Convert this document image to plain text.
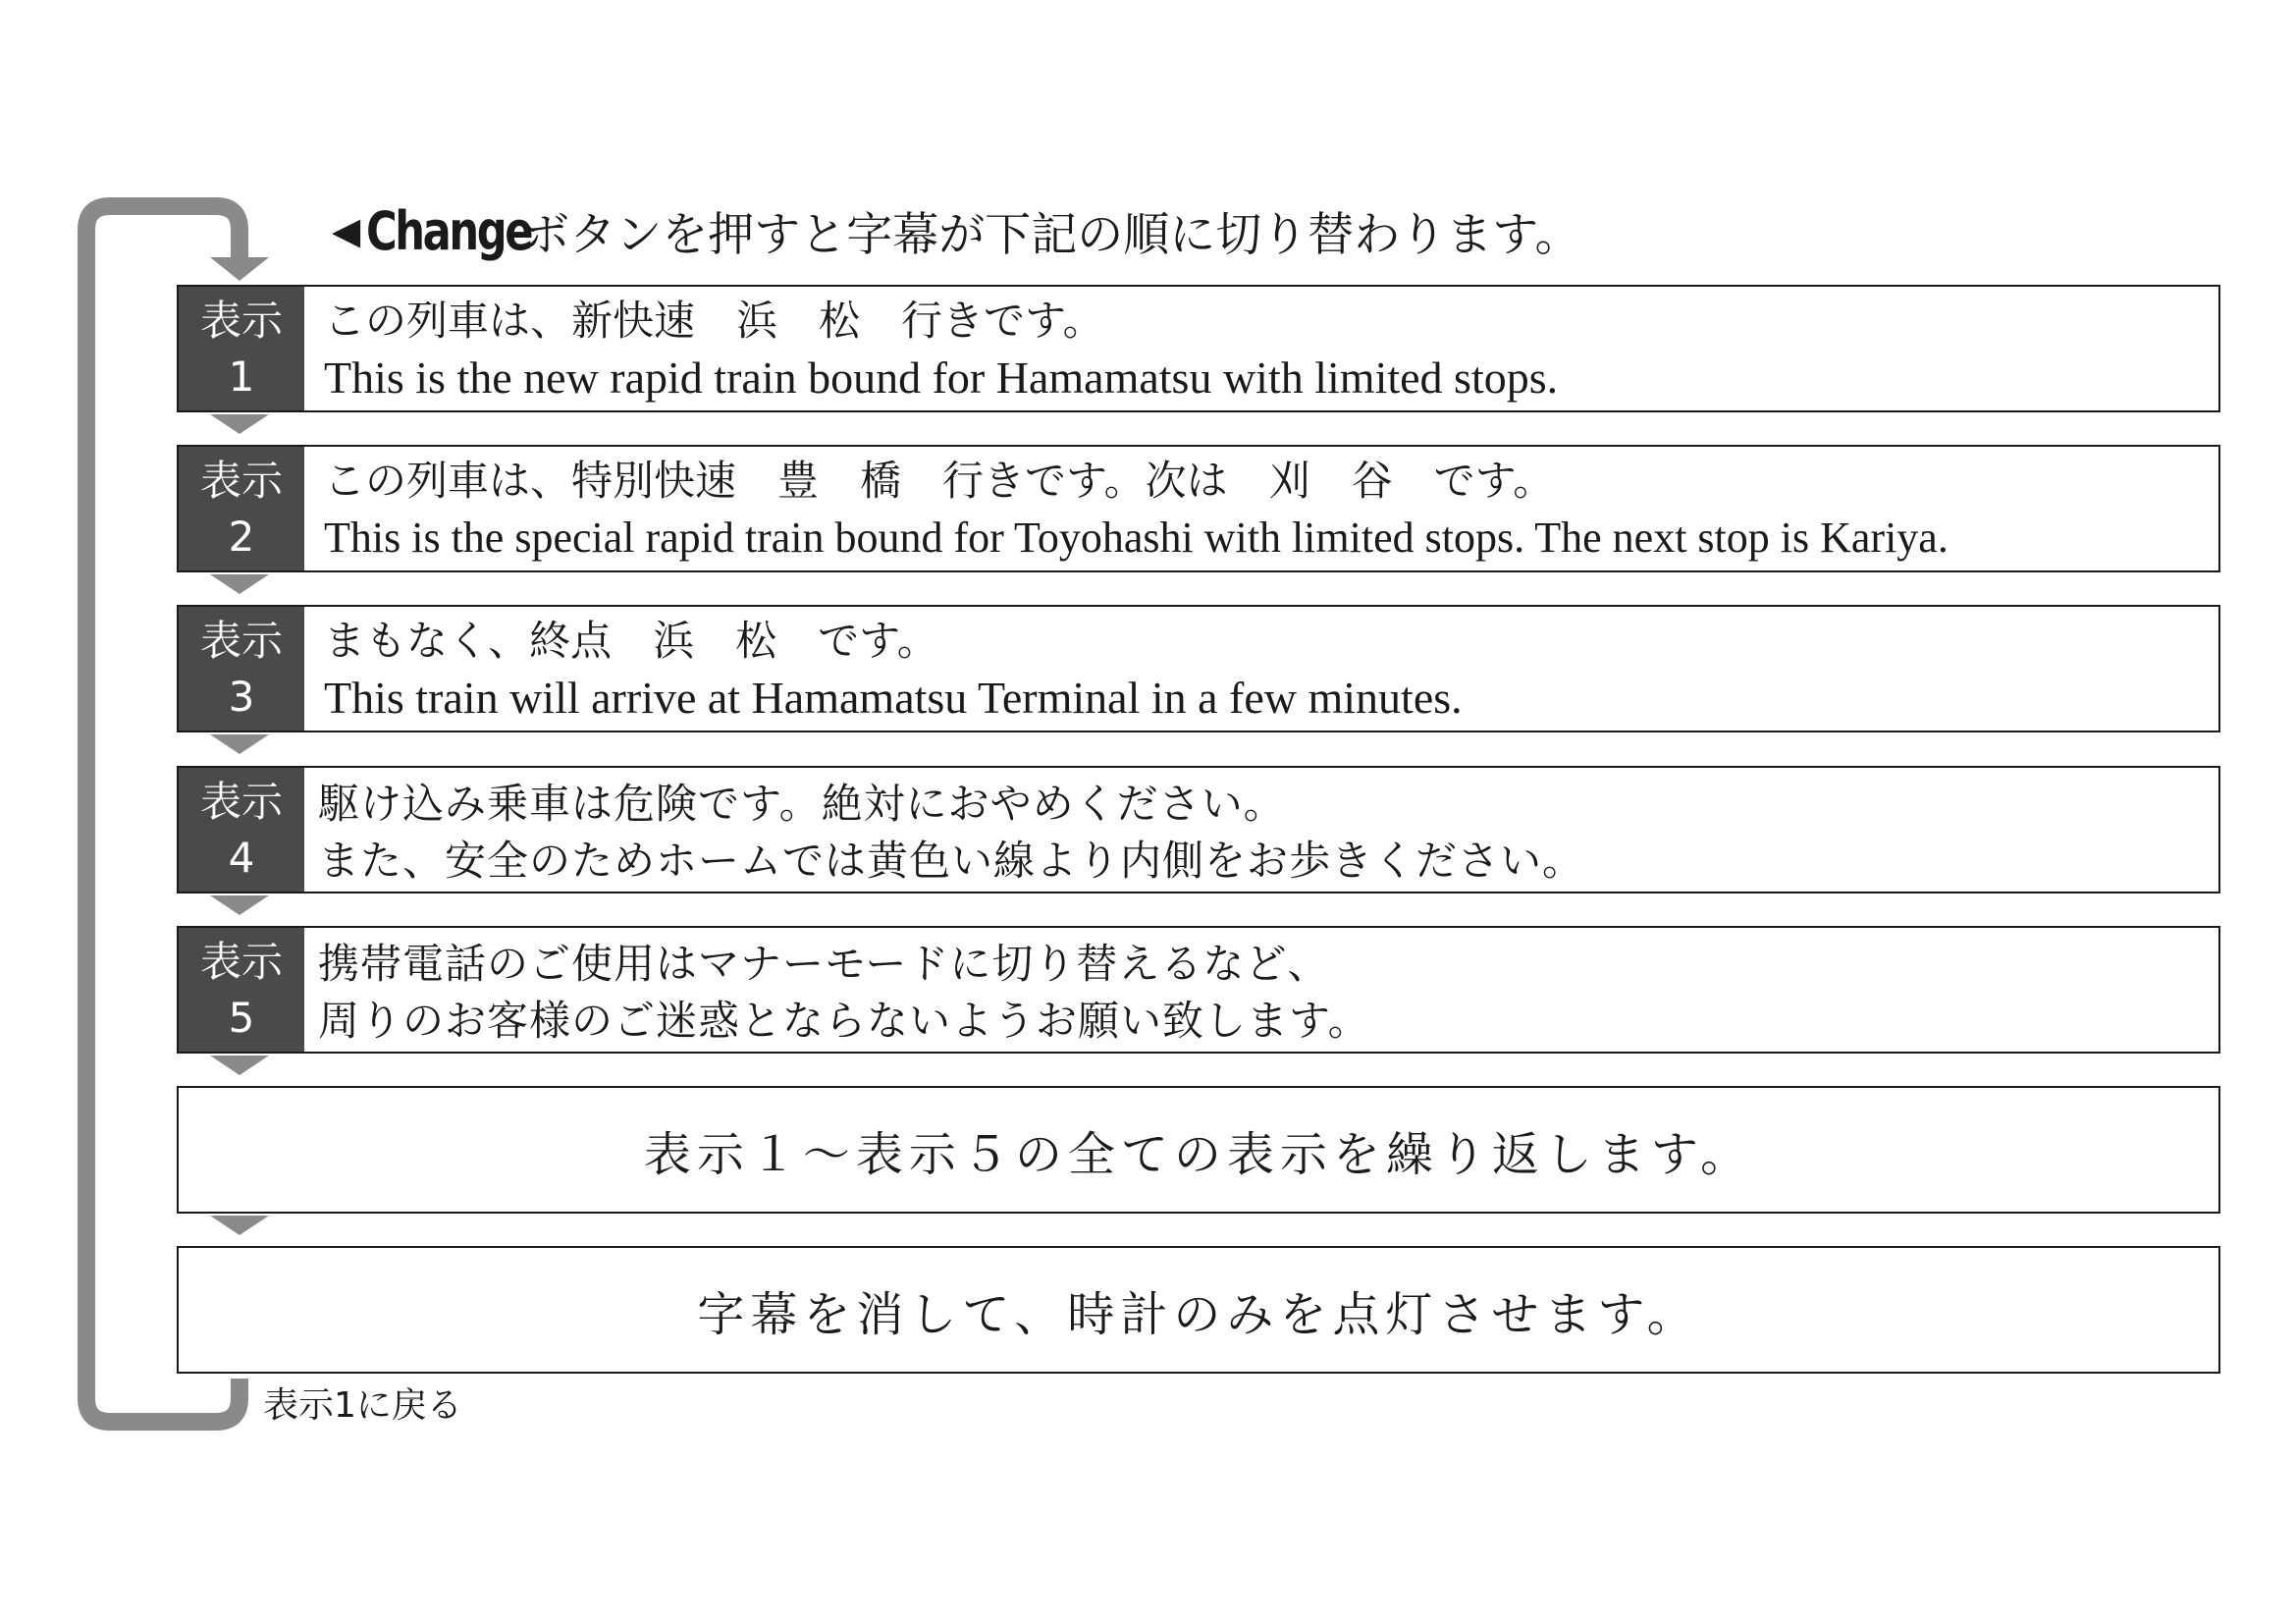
◀ Change
ボタンを押すと字幕が下記の順に切り替わります。
表示
1
この列車は、新快速　浜　松　行きです。
This is the new rapid train bound for Hamamatsu with limited stops.
表示
2
この列車は、特別快速　豊　橋　行きです。次は　刈　谷　です。
This is the special rapid train bound for Toyohashi with limited stops. The next stop is Kariya.
表示
3
まもなく、終点　浜　松　です。
This train will arrive at Hamamatsu Terminal in a few minutes.
表示
4
駆け込み乗車は危険です。絶対におやめください。
また、安全のためホームでは黄色い線より内側をお歩きください。
表示
5
携帯電話のご使用はマナーモードに切り替えるなど、
周りのお客様のご迷惑とならないようお願い致します。
表示１～表示５の全ての表示を繰り返します。
字幕を消して、時計のみを点灯させます。
表示1に戻る
